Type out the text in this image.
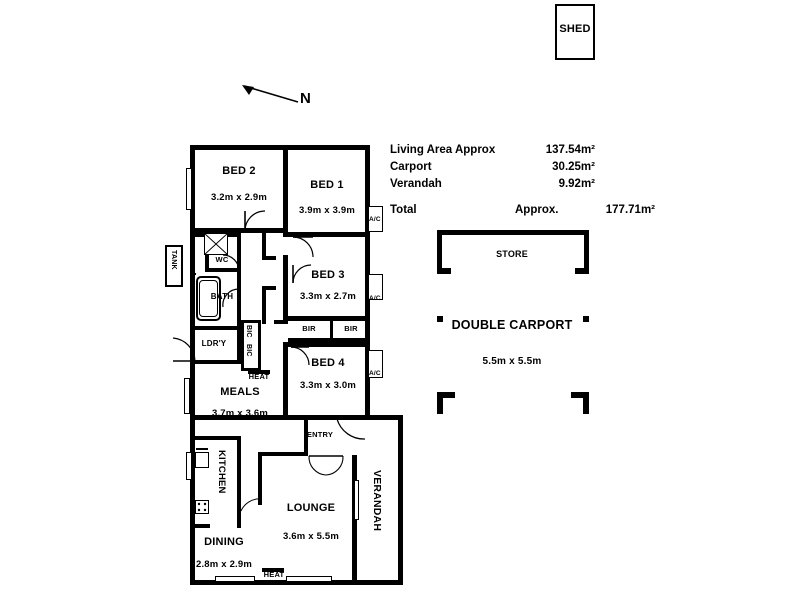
SHED
N
Living Area Approx	137.54m²
Carport	30.25m²
Verandah	9.92m²
Total	Approx.	177.71m²
STORE
DOUBLE CARPORT
5.5m x 5.5m
TANK
A/C
A/C
A/C
BED 2
3.2m x 2.9m
BED 1
3.9m x 3.9m
BED 3
3.3m x 2.7m
BED 4
3.3m x 3.0m
MEALS
3.7m x 3.6m
LOUNGE
3.6m x 5.5m
DINING
2.8m x 2.9m
WC
BATH
LDR'Y
BIC
BIC
HEAT
HEAT
BIR	BIR
KITCHEN
ENTRY
VERANDAH
